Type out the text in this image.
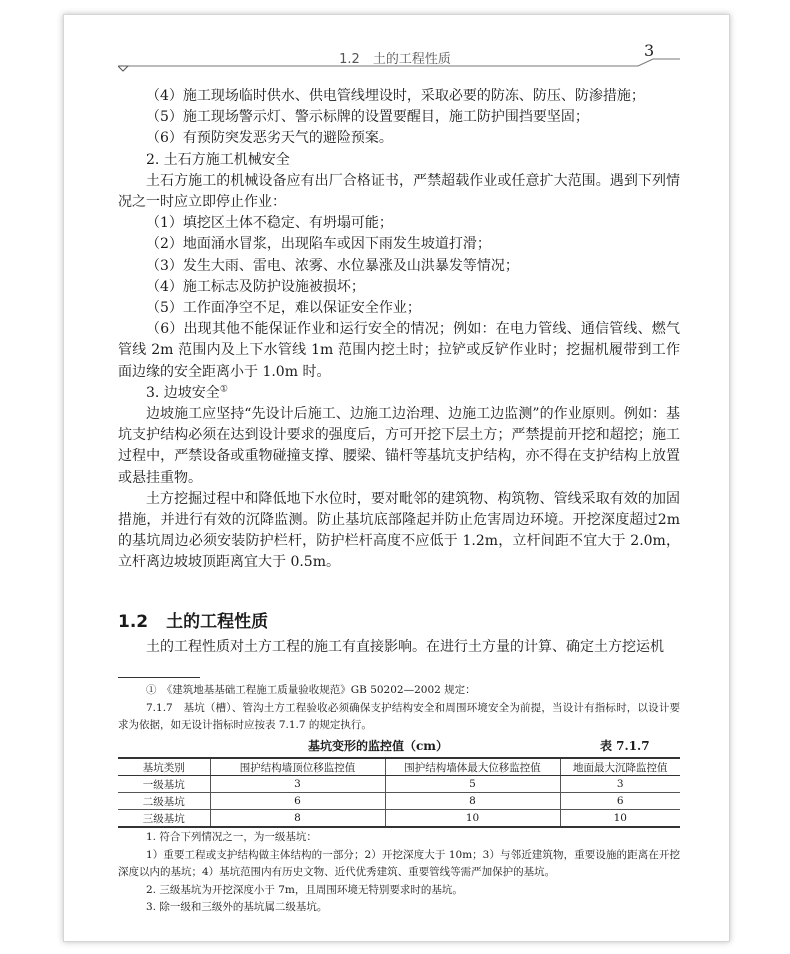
1.2　土的工程性质	3

（4）施工现场临时供水、供电管线埋设时，采取必要的防冻、防压、防渗措施；

（5）施工现场警示灯、警示标牌的设置要醒目，施工防护围挡要坚固；

（6）有预防突发恶劣天气的避险预案。

2. 土石方施工机械安全

土石方施工的机械设备应有出厂合格证书，严禁超载作业或任意扩大范围。遇到下列情况之一时应立即停止作业：

（1）填挖区土体不稳定、有坍塌可能；

（2）地面涌水冒浆，出现陷车或因下雨发生坡道打滑；

（3）发生大雨、雷电、浓雾、水位暴涨及山洪暴发等情况；

（4）施工标志及防护设施被损坏；

（5）工作面净空不足，难以保证安全作业；

（6）出现其他不能保证作业和运行安全的情况；例如：在电力管线、通信管线、燃气管线 2m 范围内及上下水管线 1m 范围内挖土时；拉铲或反铲作业时；挖掘机履带到工作面边缘的安全距离小于 1.0m 时。

3. 边坡安全①

边坡施工应坚持“先设计后施工、边施工边治理、边施工边监测”的作业原则。例如：基坑支护结构必须在达到设计要求的强度后，方可开挖下层土方；严禁提前开挖和超挖；施工过程中，严禁设备或重物碰撞支撑、腰梁、锚杆等基坑支护结构，亦不得在支护结构上放置或悬挂重物。

土方挖掘过程中和降低地下水位时，要对毗邻的建筑物、构筑物、管线采取有效的加固措施，并进行有效的沉降监测。防止基坑底部隆起并防止危害周边环境。开挖深度超过2m 的基坑周边必须安装防护栏杆，防护栏杆高度不应低于 1.2m，立杆间距不宜大于 2.0m，立杆离边坡坡顶距离宜大于 0.5m。

1.2 土的工程性质
土的工程性质对土方工程的施工有直接影响。在进行土方量的计算、确定土方挖运机

①　《建筑地基基础工程施工质量验收规范》GB 50202—2002 规定：

7.1.7　基坑（槽）、管沟土方工程验收必须确保支护结构安全和周围环境安全为前提，当设计有指标时，以设计要求为依据，如无设计指标时应按表 7.1.7 的规定执行。

基坑变形的监控值（cm）	表 7.1.7
基坑类别	围护结构墙顶位移监控值	围护结构墙体最大位移监控值	地面最大沉降监控值
一级基坑	3	5	3
二级基坑	6	8	6
三级基坑	8	10	10

1. 符合下列情况之一，为一级基坑：

1）重要工程或支护结构做主体结构的一部分；2）开挖深度大于 10m；3）与邻近建筑物，重要设施的距离在开挖深度以内的基坑；4）基坑范围内有历史文物、近代优秀建筑、重要管线等需严加保护的基坑。

2. 三级基坑为开挖深度小于 7m，且周围环境无特别要求时的基坑。

3. 除一级和三级外的基坑属二级基坑。
